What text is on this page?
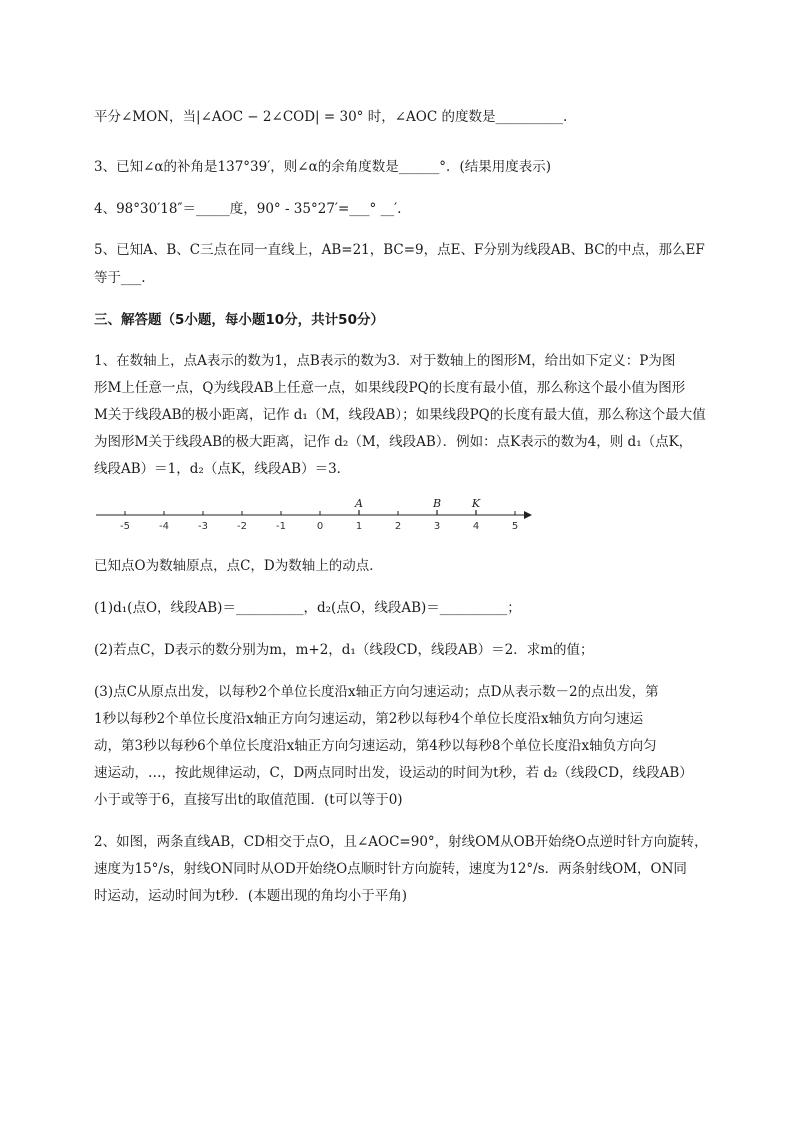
平分∠MON，当|∠AOC − 2∠COD| = 30° 时，∠AOC 的度数是__________.
3、已知∠α的补角是137°39′，则∠α的余角度数是______°．(结果用度表示)
4、98°30′18″＝_____度，90° - 35°27′=___° __′.
5、已知A、B、C三点在同一直线上，AB=21，BC=9，点E、F分别为线段AB、BC的中点，那么EF
等于___.
三、解答题（5小题，每小题10分，共计50分）
1、在数轴上，点A表示的数为1，点B表示的数为3．对于数轴上的图形M，给出如下定义：P为图
形M上任意一点，Q为线段AB上任意一点，如果线段PQ的长度有最小值，那么称这个最小值为图形
M关于线段AB的极小距离，记作 d₁（M，线段AB）；如果线段PQ的长度有最大值，那么称这个最大值
为图形M关于线段AB的极大距离，记作 d₂（M，线段AB）．例如：点K表示的数为4，则 d₁（点K，
线段AB）＝1，d₂（点K，线段AB）＝3．
-5	-4	-3	-2	-1	0	1	2	3	4	5
A	B	K
已知点O为数轴原点，点C，D为数轴上的动点．
(1)d₁(点O，线段AB)＝__________，d₂(点O，线段AB)＝__________；
(2)若点C，D表示的数分别为m，m+2，d₁（线段CD，线段AB）＝2．求m的值；
(3)点C从原点出发，以每秒2个单位长度沿x轴正方向匀速运动；点D从表示数－2的点出发，第
1秒以每秒2个单位长度沿x轴正方向匀速运动，第2秒以每秒4个单位长度沿x轴负方向匀速运
动，第3秒以每秒6个单位长度沿x轴正方向匀速运动，第4秒以每秒8个单位长度沿x轴负方向匀
速运动，…，按此规律运动，C，D两点同时出发，设运动的时间为t秒，若 d₂（线段CD，线段AB）
小于或等于6，直接写出t的取值范围．(t可以等于0)
2、如图，两条直线AB，CD相交于点O，且∠AOC=90°，射线OM从OB开始绕O点逆时针方向旋转，
速度为15°/s，射线ON同时从OD开始绕O点顺时针方向旋转，速度为12°/s．两条射线OM，ON同
时运动，运动时间为t秒．(本题出现的角均小于平角)
